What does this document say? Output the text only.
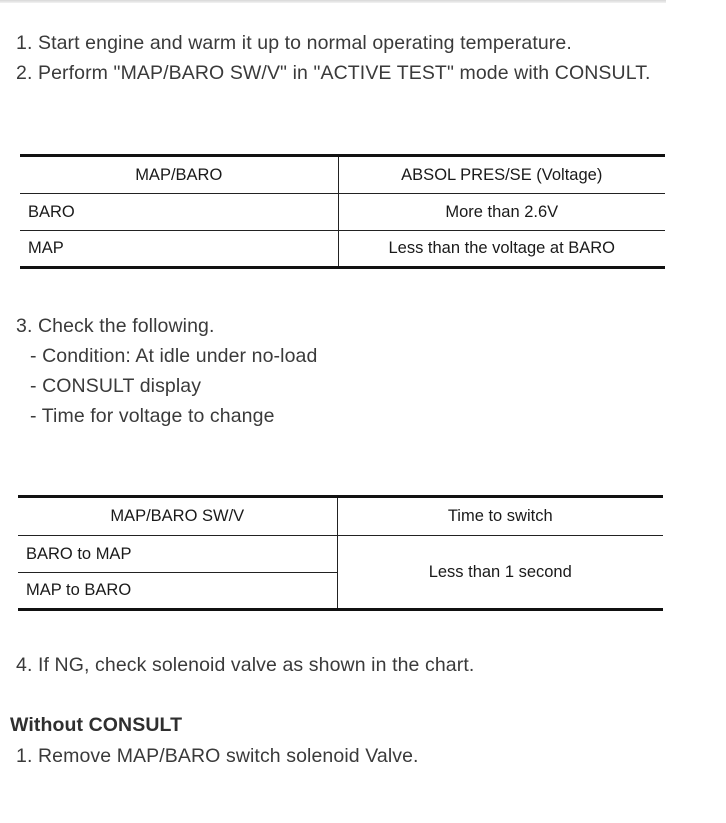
1. Start engine and warm it up to normal operating temperature.
2. Perform "MAP/BARO SW/V" in "ACTIVE TEST" mode with CONSULT.
MAP/BARO	ABSOL PRES/SE (Voltage)
BARO	More than 2.6V
MAP	Less than the voltage at BARO
3. Check the following.
- Condition: At idle under no-load
- CONSULT display
- Time for voltage to change
MAP/BARO SW/V	Time to switch
BARO to MAP	Less than 1 second
MAP to BARO	
4. If NG, check solenoid valve as shown in the chart.
Without CONSULT
1. Remove MAP/BARO switch solenoid Valve.
